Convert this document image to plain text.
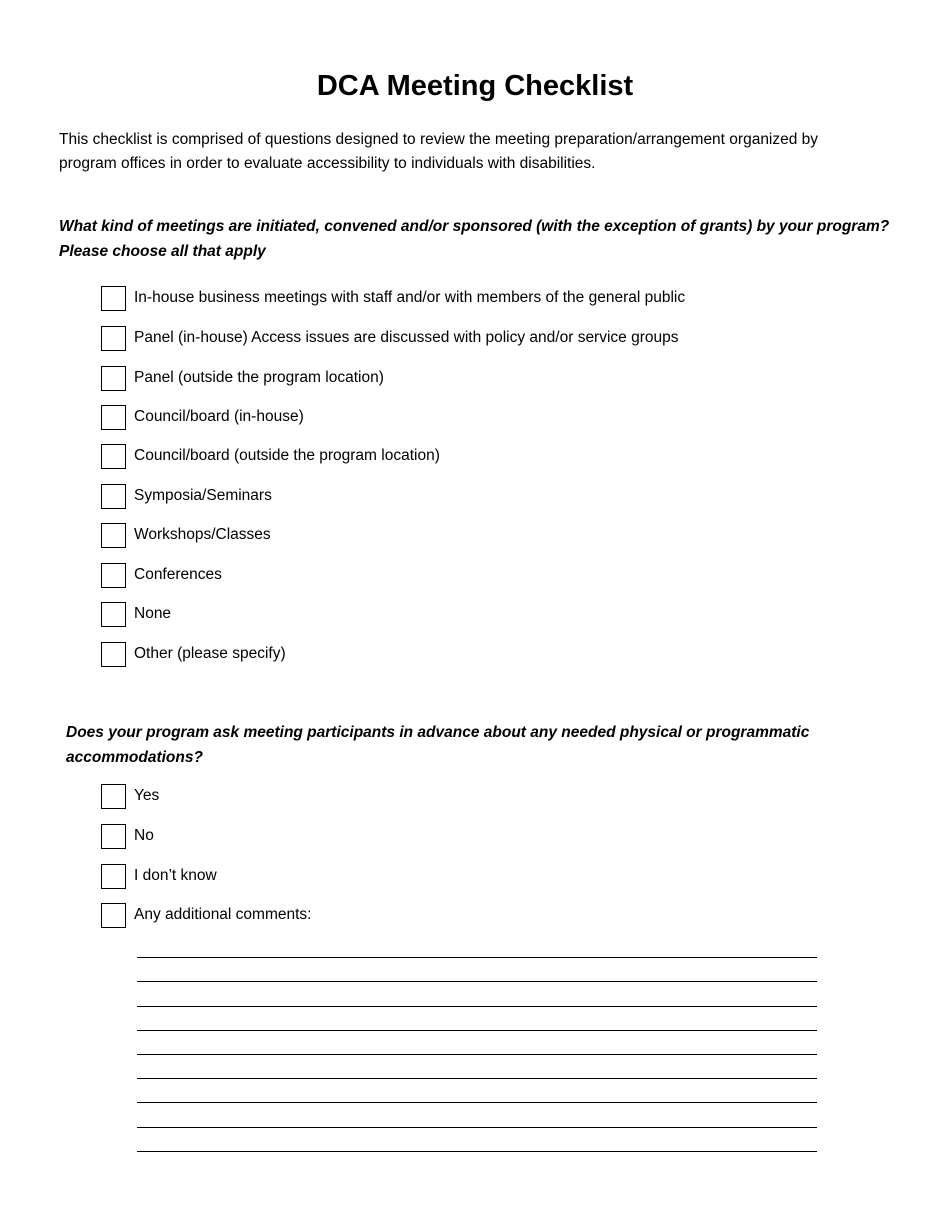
DCA Meeting Checklist

This checklist is comprised of questions designed to review the meeting preparation/arrangement organized by program offices in order to evaluate accessibility to individuals with disabilities.

What kind of meetings are initiated, convened and/or sponsored (with the exception of grants) by your program? Please choose all that apply

In-house business meetings with staff and/or with members of the general public
Panel (in-house) Access issues are discussed with policy and/or service groups
Panel (outside the program location)
Council/board (in-house)
Council/board (outside the program location)
Symposia/Seminars
Workshops/Classes
Conferences
None
Other (please specify)

Does your program ask meeting participants in advance about any needed physical or programmatic accommodations?

Yes
No
I don’t know
Any additional comments:
